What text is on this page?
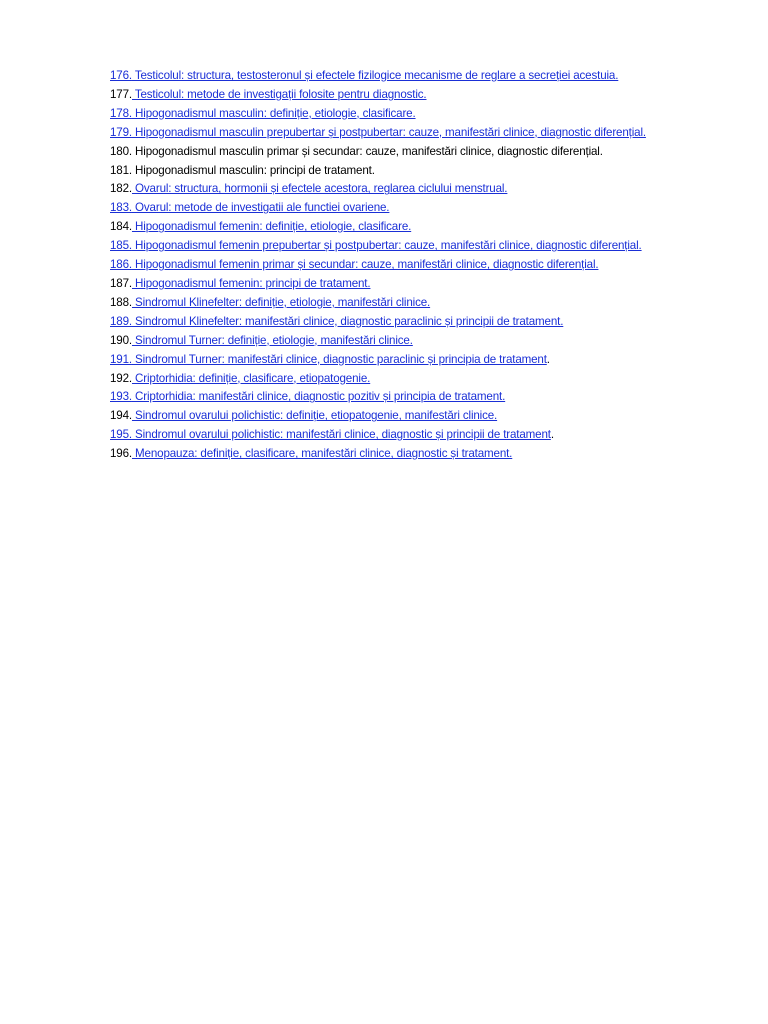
176. Testicolul: structura, testosteronul și efectele fizilogice mecanisme de reglare a secreției acestuia.
177. Testicolul: metode de investigații folosite pentru diagnostic.
178. Hipogonadismul masculin: definiție, etiologie, clasificare.
179. Hipogonadismul masculin prepubertar și postpubertar: cauze, manifestări clinice, diagnostic diferențial.
180. Hipogonadismul masculin primar și secundar: cauze, manifestări clinice, diagnostic diferențial.
181. Hipogonadismul masculin: principi de tratament.
182. Ovarul: structura, hormonii și efectele acestora, reglarea ciclului menstrual.
183. Ovarul: metode de investigatii ale functiei ovariene.
184. Hipogonadismul femenin: definiție, etiologie, clasificare.
185. Hipogonadismul femenin prepubertar și postpubertar: cauze, manifestări clinice, diagnostic diferențial.
186. Hipogonadismul femenin primar și secundar: cauze, manifestări clinice, diagnostic diferențial.
187. Hipogonadismul femenin: principi de tratament.
188. Sindromul Klinefelter: definiție, etiologie, manifestări clinice.
189. Sindromul Klinefelter: manifestări clinice, diagnostic paraclinic și principii de tratament.
190. Sindromul Turner: definiție, etiologie, manifestări clinice.
191. Sindromul Turner: manifestări clinice, diagnostic paraclinic și principia de tratament.
192. Criptorhidia: definiție, clasificare, etiopatogenie.
193. Criptorhidia: manifestări clinice, diagnostic pozitiv și principia de tratament.
194. Sindromul ovarului polichistic: definiție, etiopatogenie, manifestări clinice.
195. Sindromul ovarului polichistic: manifestări clinice, diagnostic și principii de tratament.
196. Menopauza: definiție, clasificare, manifestări clinice, diagnostic și tratament.
